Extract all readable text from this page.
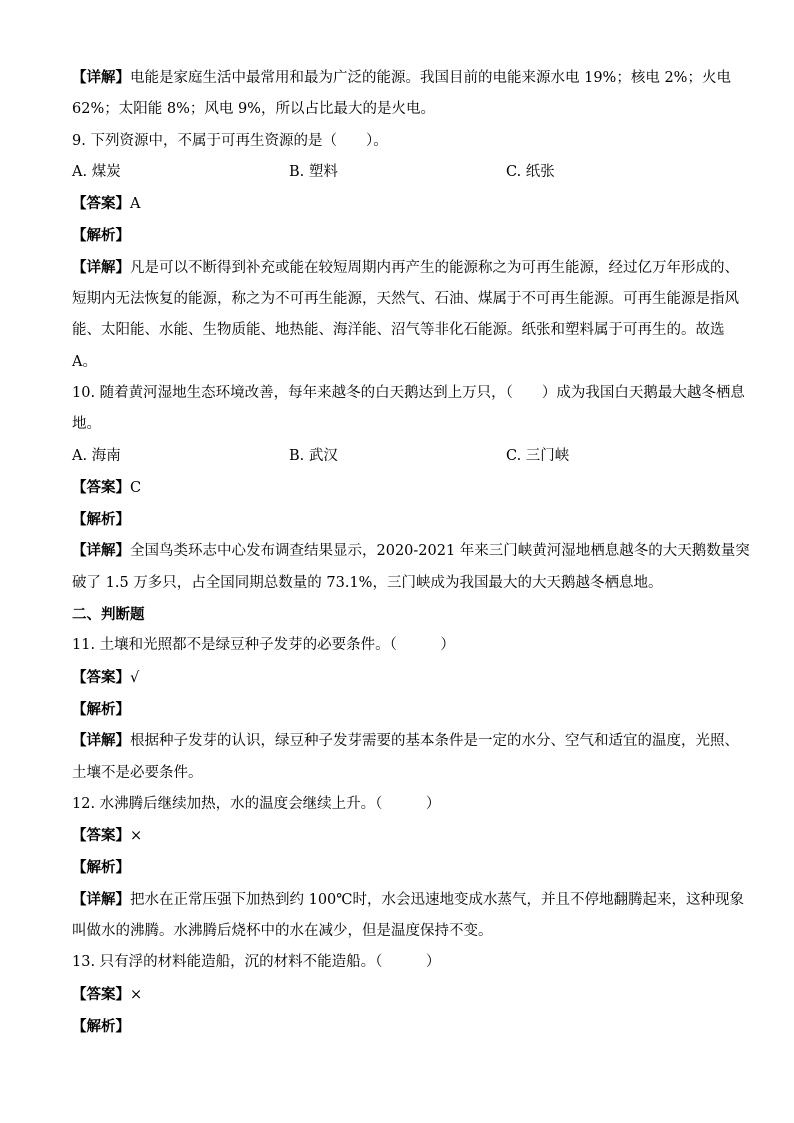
【详解】电能是家庭生活中最常用和最为广泛的能源。我国目前的电能来源水电 19%；核电 2%；火电
62%；太阳能 8%；风电 9%，所以占比最大的是火电。
9. 下列资源中，不属于可再生资源的是（　　）。
A. 煤炭	B. 塑料	C. 纸张
【答案】A
【解析】
【详解】凡是可以不断得到补充或能在较短周期内再产生的能源称之为可再生能源，经过亿万年形成的、
短期内无法恢复的能源，称之为不可再生能源，天然气、石油、煤属于不可再生能源。可再生能源是指风
能、太阳能、水能、生物质能、地热能、海洋能、沼气等非化石能源。纸张和塑料属于可再生的。故选
A。
10. 随着黄河湿地生态环境改善，每年来越冬的白天鹅达到上万只，（　　）成为我国白天鹅最大越冬栖息
地。
A. 海南	B. 武汉	C. 三门峡
【答案】C
【解析】
【详解】全国鸟类环志中心发布调查结果显示，2020-2021 年来三门峡黄河湿地栖息越冬的大天鹅数量突
破了 1.5 万多只，占全国同期总数量的 73.1%，三门峡成为我国最大的大天鹅越冬栖息地。
二、判断题
11. 土壤和光照都不是绿豆种子发芽的必要条件。（　　　）
【答案】√
【解析】
【详解】根据种子发芽的认识，绿豆种子发芽需要的基本条件是一定的水分、空气和适宜的温度，光照、
土壤不是必要条件。
12. 水沸腾后继续加热，水的温度会继续上升。（　　　）
【答案】×
【解析】
【详解】把水在正常压强下加热到约 100℃时，水会迅速地变成水蒸气，并且不停地翻腾起来，这种现象
叫做水的沸腾。水沸腾后烧杯中的水在减少，但是温度保持不变。
13. 只有浮的材料能造船，沉的材料不能造船。（　　　）
【答案】×
【解析】
